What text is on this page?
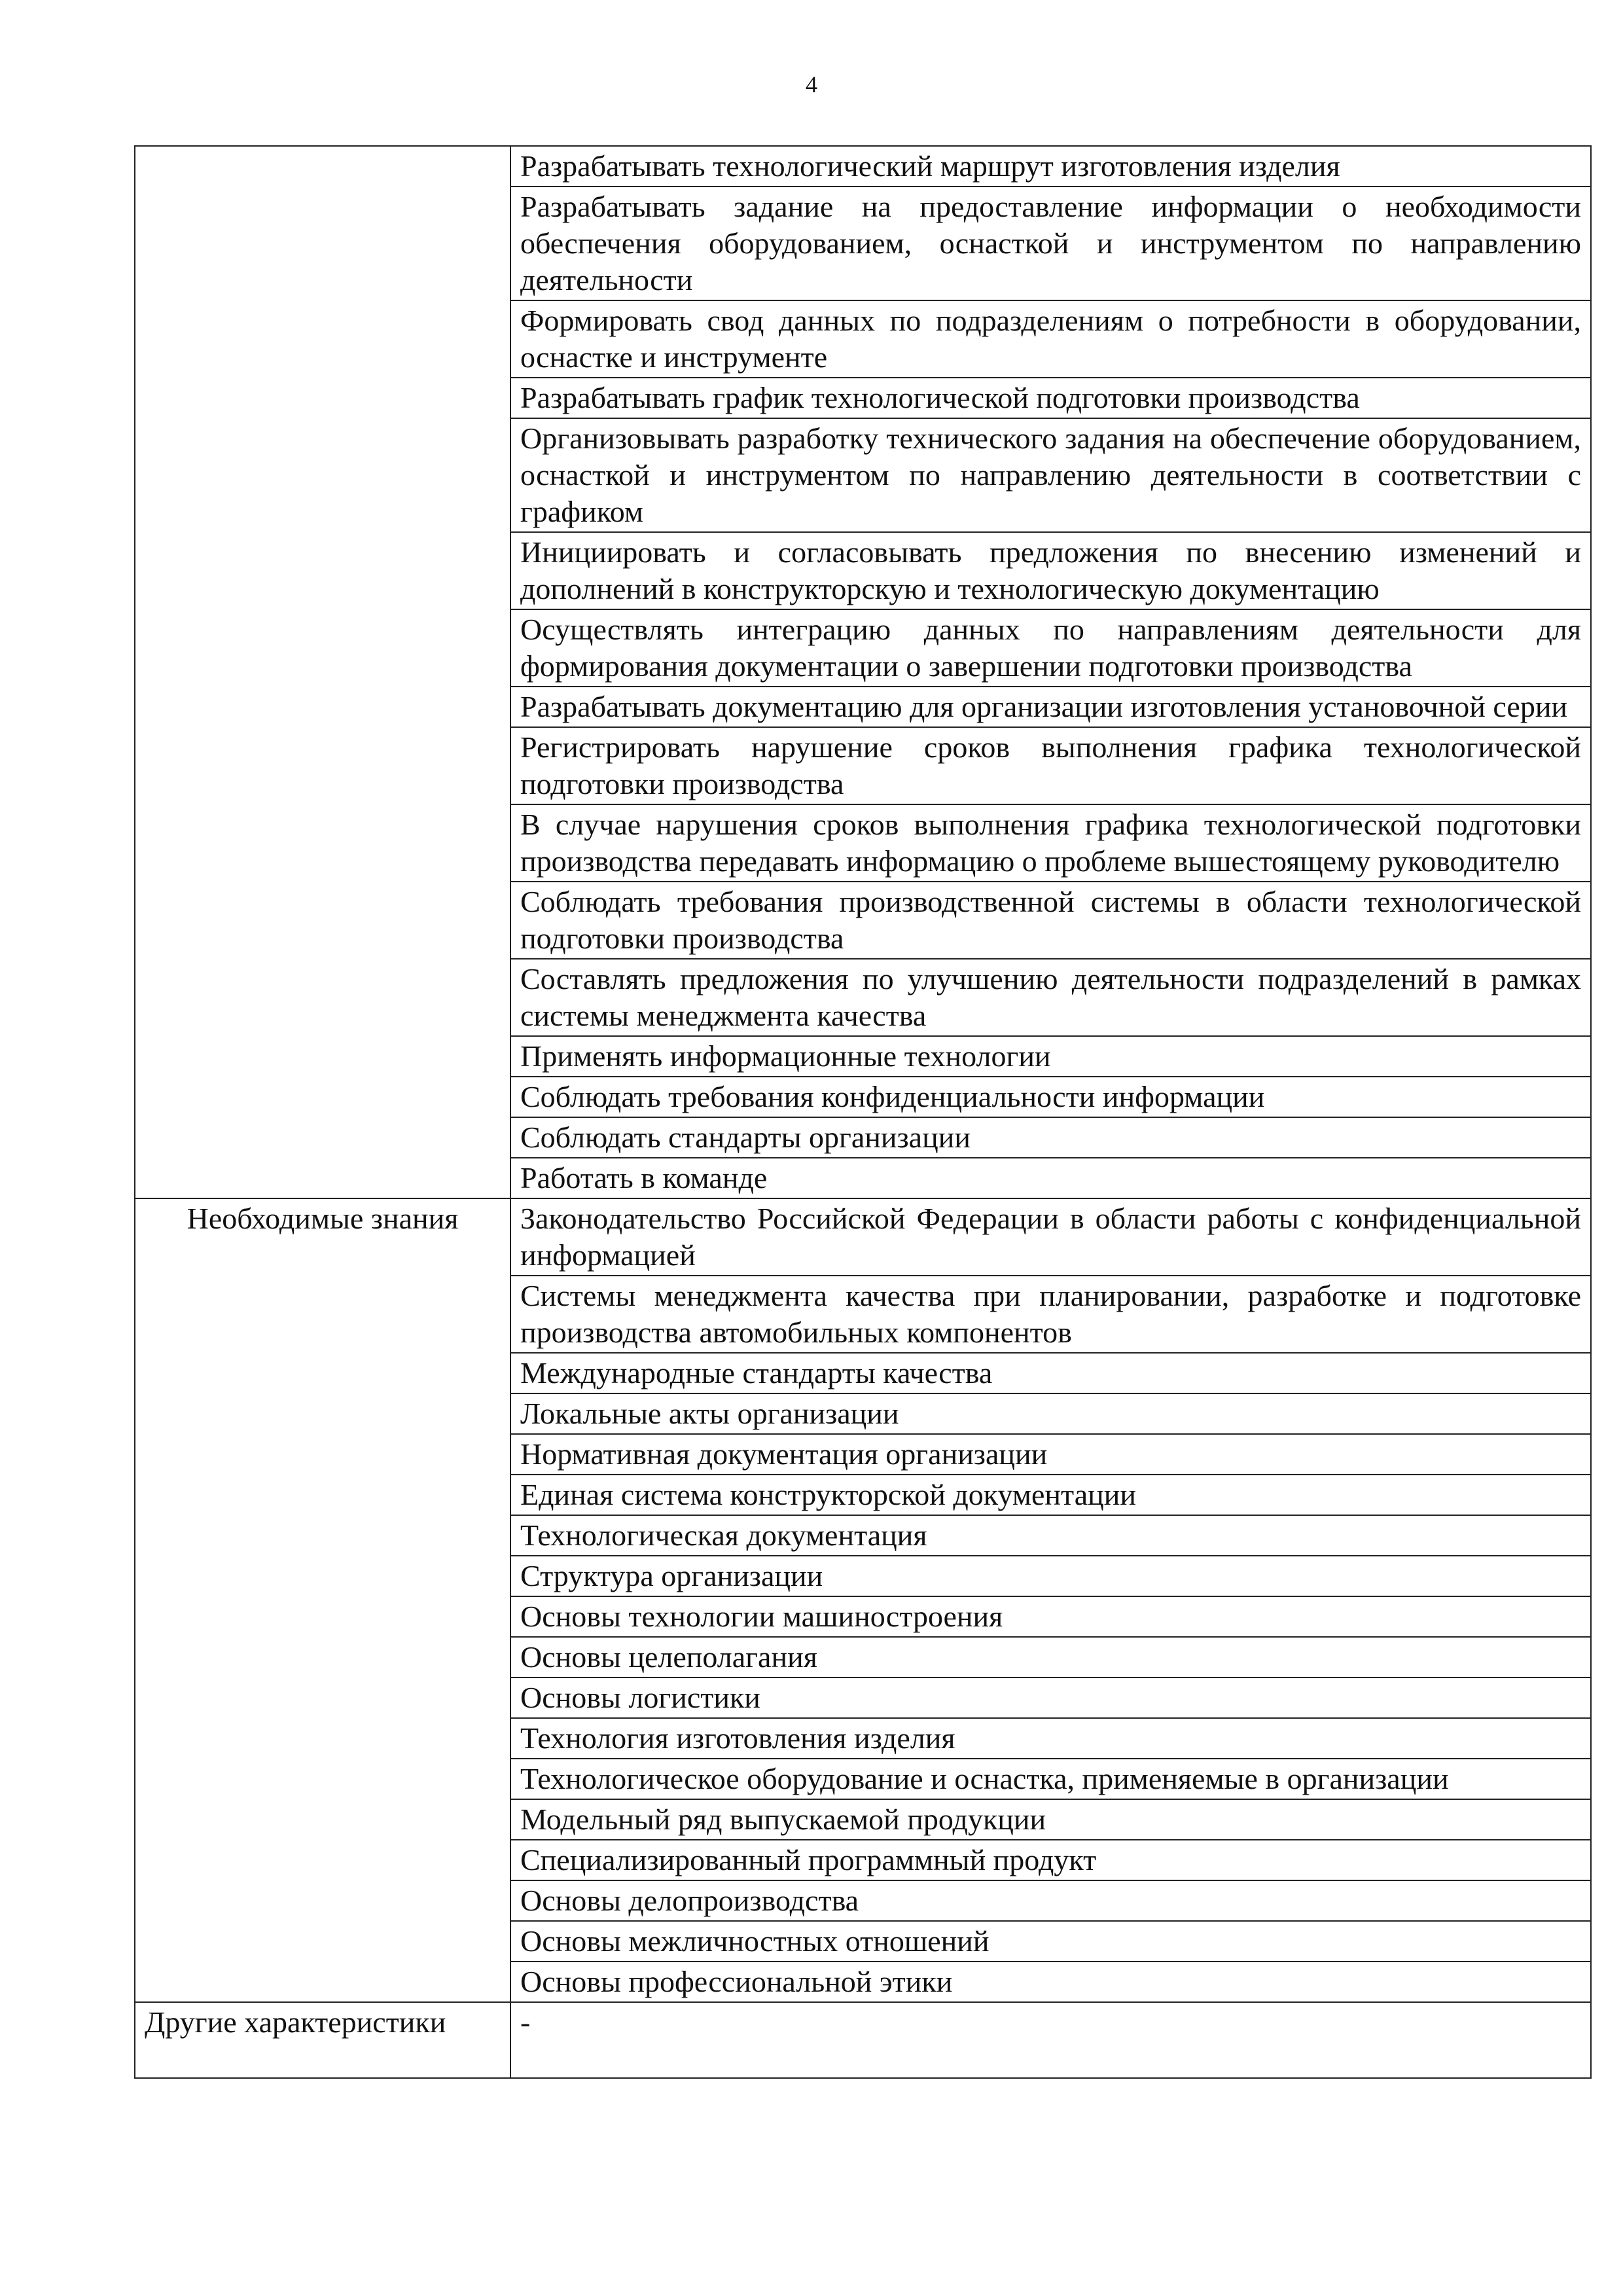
4
	Разрабатывать технологический маршрут изготовления изделия
	Разрабатывать задание на предоставление информации о необходимости обеспечения оборудованием, оснасткой и инструментом по направлению деятельности
	Формировать свод данных по подразделениям о потребности в оборудовании, оснастке и инструменте
	Разрабатывать график технологической подготовки производства
	Организовывать разработку технического задания на обеспечение оборудованием, оснасткой и инструментом по направлению деятельности в соответствии с графиком
	Инициировать и согласовывать предложения по внесению изменений и дополнений в конструкторскую и технологическую документацию
	Осуществлять интеграцию данных по направлениям деятельности для формирования документации о завершении подготовки производства
	Разрабатывать документацию для организации изготовления установочной серии
	Регистрировать нарушение сроков выполнения графика технологической подготовки производства
	В случае нарушения сроков выполнения графика технологической подготовки производства передавать информацию о проблеме вышестоящему руководителю
	Соблюдать требования производственной системы в области технологической подготовки производства
	Составлять предложения по улучшению деятельности подразделений в рамках системы менеджмента качества
	Применять информационные технологии
	Соблюдать требования конфиденциальности информации
	Соблюдать стандарты организации
	Работать в команде
Необходимые знания	Законодательство Российской Федерации в области работы с конфиденциальной информацией
	Системы менеджмента качества при планировании, разработке и подготовке производства автомобильных компонентов
	Международные стандарты качества
	Локальные акты организации
	Нормативная документация организации
	Единая система конструкторской документации
	Технологическая документация
	Структура организации
	Основы технологии машиностроения
	Основы целеполагания
	Основы логистики
	Технология изготовления изделия
	Технологическое оборудование и оснастка, применяемые в организации
	Модельный ряд выпускаемой продукции
	Специализированный программный продукт
	Основы делопроизводства
	Основы межличностных отношений
	Основы профессиональной этики
Другие характеристики	-
